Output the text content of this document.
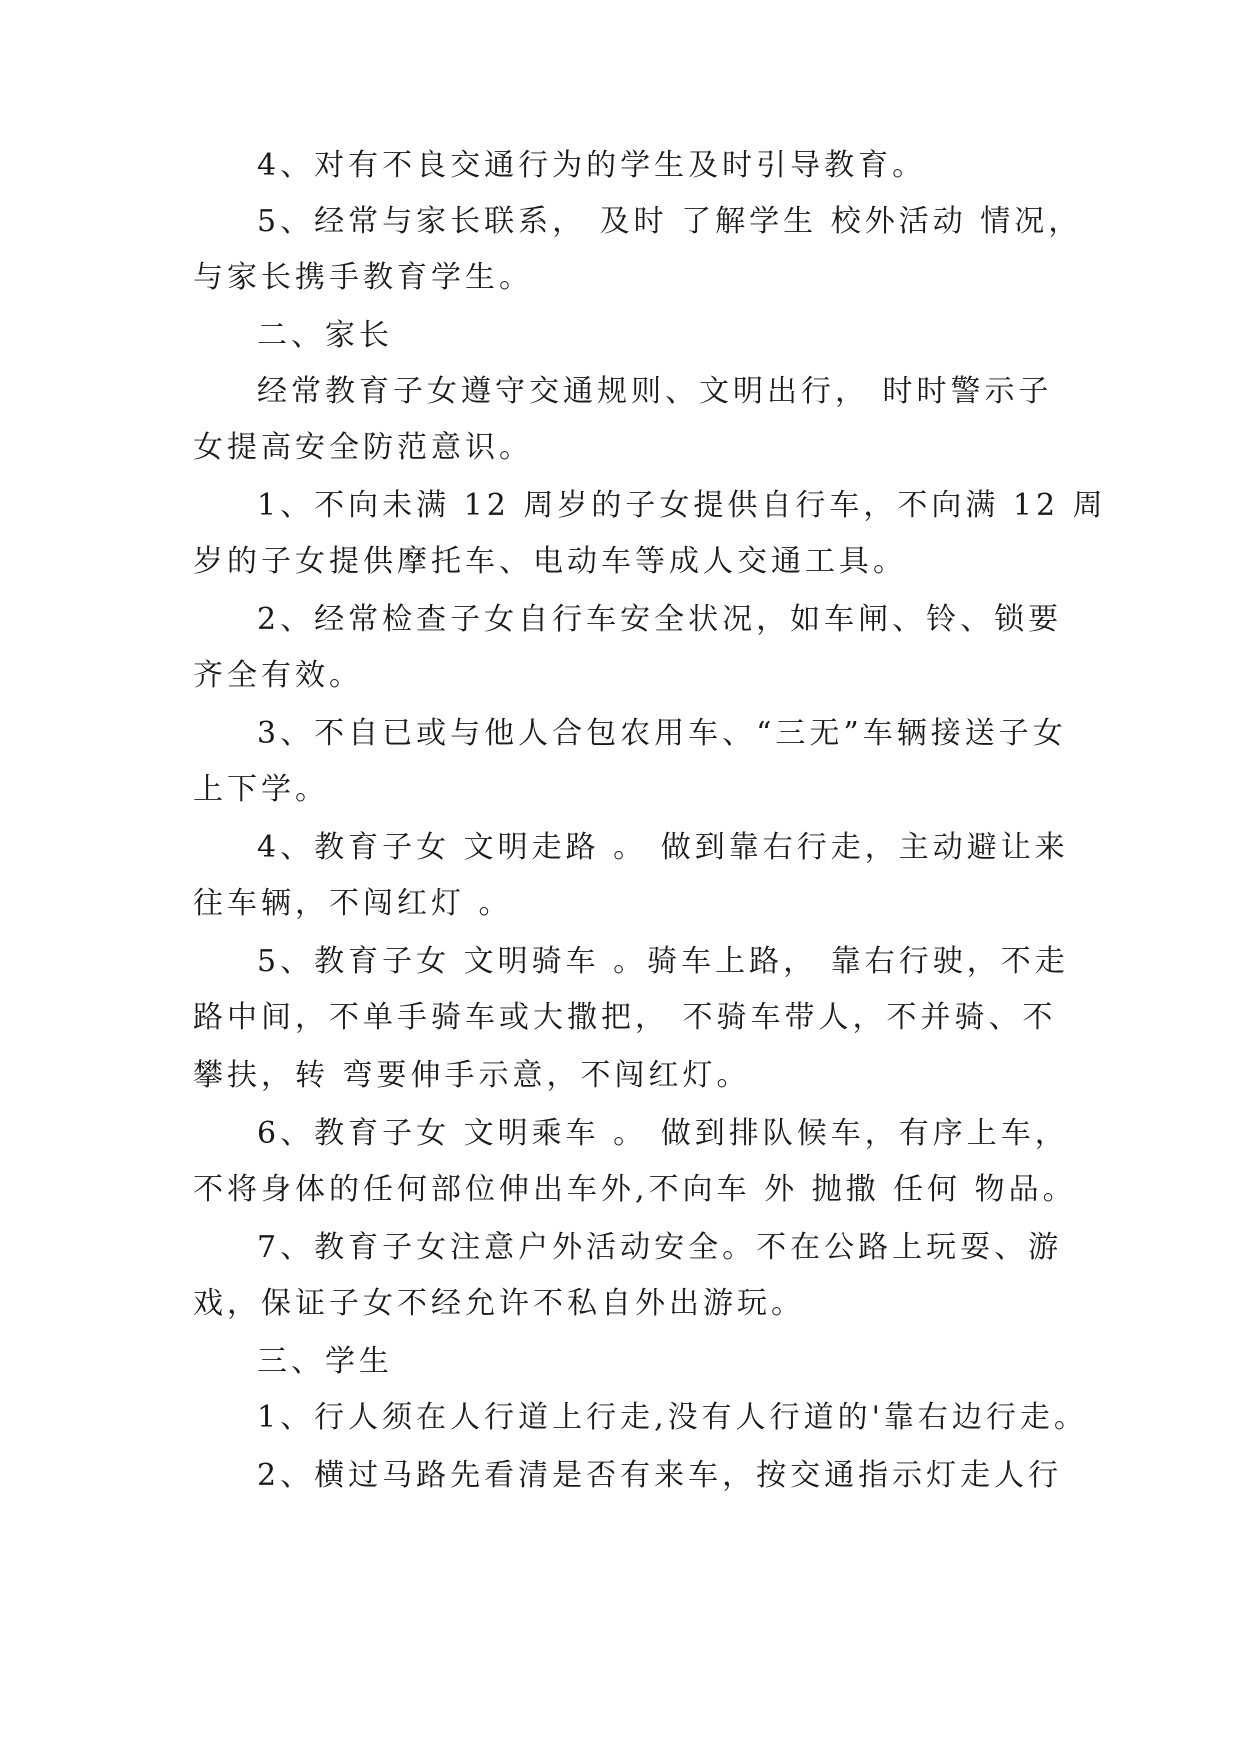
4、对有不良交通行为的学生及时引导教育。
5、经常与家长联系， 及时 了解学生 校外活动 情况，
与家长携手教育学生。
二、家长
经常教育子女遵守交通规则、文明出行， 时时警示子
女提高安全防范意识。
1、不向未满 12 周岁的子女提供自行车，不向满 12 周
岁的子女提供摩托车、电动车等成人交通工具。
2、经常检查子女自行车安全状况，如车闸、铃、锁要
齐全有效。
3、不自已或与他人合包农用车、“三无”车辆接送子女
上下学。
4、教育子女 文明走路 。 做到靠右行走，主动避让来
往车辆，不闯红灯 。
5、教育子女 文明骑车 。骑车上路， 靠右行驶，不走
路中间，不单手骑车或大撒把， 不骑车带人，不并骑、不
攀扶，转 弯要伸手示意，不闯红灯。
6、教育子女 文明乘车 。 做到排队候车，有序上车，
不将身体的任何部位伸出车外,不向车 外 抛撒 任何 物品。
7、教育子女注意户外活动安全。不在公路上玩耍、游
戏，保证子女不经允许不私自外出游玩。
三、学生
1、行人须在人行道上行走,没有人行道的'靠右边行走。
2、横过马路先看清是否有来车，按交通指示灯走人行
